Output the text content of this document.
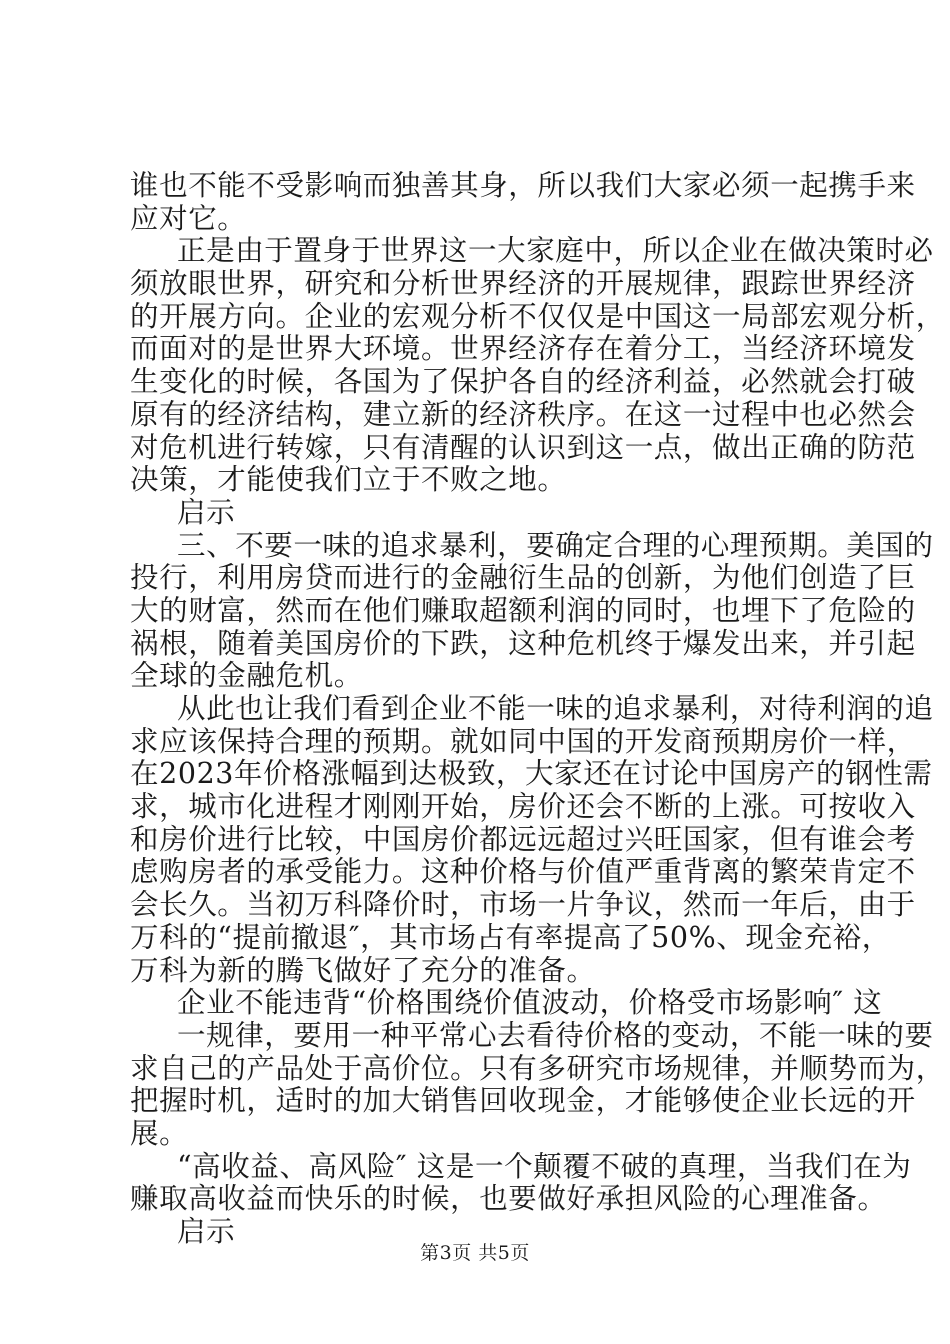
谁也不能不受影响而独善其身，所以我们大家必须一起携手来
应对它。
正是由于置身于世界这一大家庭中，所以企业在做决策时必
须放眼世界，研究和分析世界经济的开展规律，跟踪世界经济
的开展方向。企业的宏观分析不仅仅是中国这一局部宏观分析，
而面对的是世界大环境。世界经济存在着分工，当经济环境发
生变化的时候，各国为了保护各自的经济利益，必然就会打破
原有的经济结构，建立新的经济秩序。在这一过程中也必然会
对危机进行转嫁，只有清醒的认识到这一点，做出正确的防范
决策，才能使我们立于不败之地。
启示
三、不要一味的追求暴利，要确定合理的心理预期。美国的
投行，利用房贷而进行的金融衍生品的创新，为他们创造了巨
大的财富，然而在他们赚取超额利润的同时，也埋下了危险的
祸根，随着美国房价的下跌，这种危机终于爆发出来，并引起
全球的金融危机。
从此也让我们看到企业不能一味的追求暴利，对待利润的追
求应该保持合理的预期。就如同中国的开发商预期房价一样，
在2023年价格涨幅到达极致，大家还在讨论中国房产的钢性需
求，城市化进程才刚刚开始，房价还会不断的上涨。可按收入
和房价进行比较，中国房价都远远超过兴旺国家，但有谁会考
虑购房者的承受能力。这种价格与价值严重背离的繁荣肯定不
会长久。当初万科降价时，市场一片争议，然而一年后，由于
万科的“提前撤退″，其市场占有率提高了50%、现金充裕，
万科为新的腾飞做好了充分的准备。
企业不能违背“价格围绕价值波动，价格受市场影响″ 这
一规律，要用一种平常心去看待价格的变动，不能一味的要
求自己的产品处于高价位。只有多研究市场规律，并顺势而为，
把握时机，适时的加大销售回收现金，才能够使企业长远的开
展。
“高收益、高风险″ 这是一个颠覆不破的真理，当我们在为
赚取高收益而快乐的时候，也要做好承担风险的心理准备。
启示
第3页 共5页
